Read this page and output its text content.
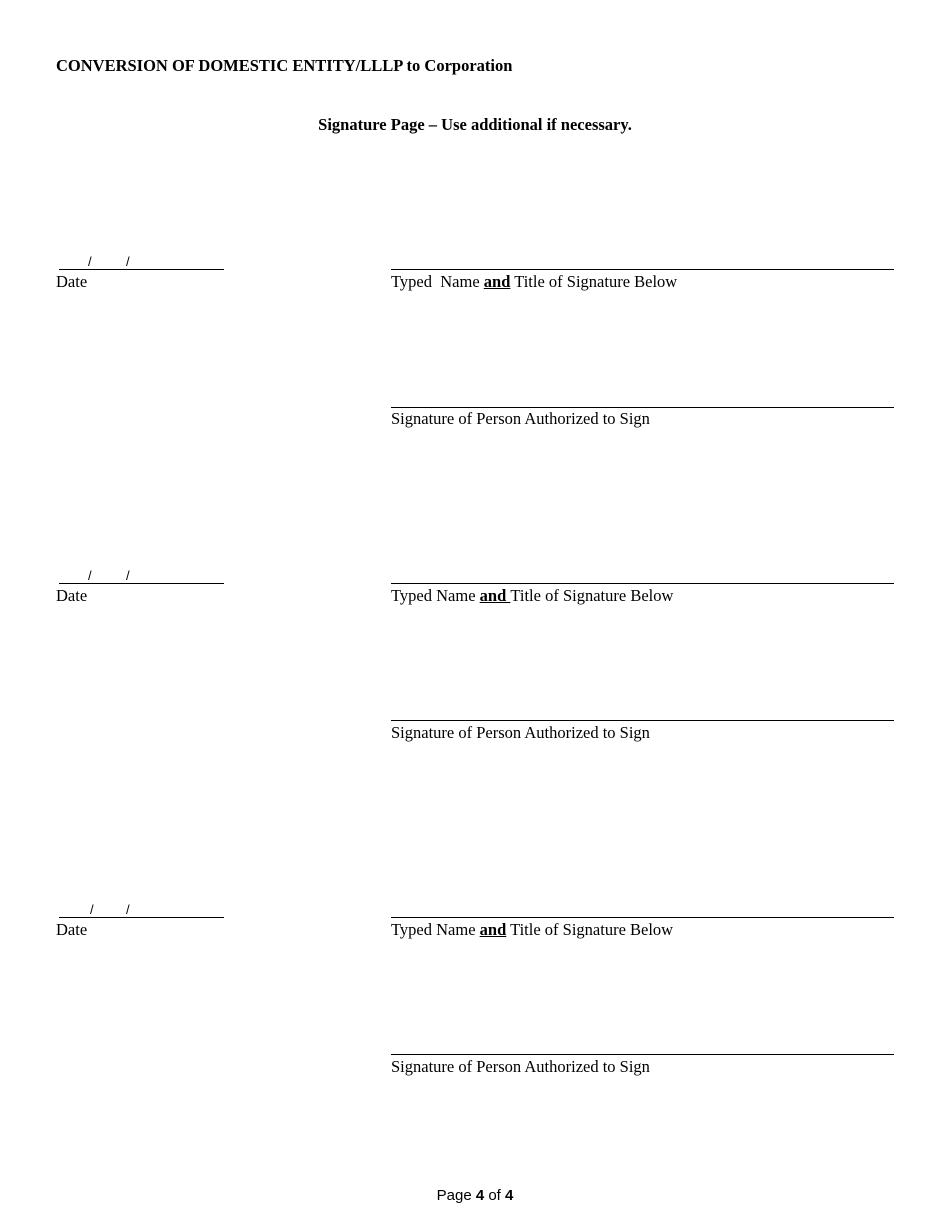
CONVERSION OF DOMESTIC ENTITY/LLLP to Corporation
Signature Page – Use additional if necessary.
/	/
Date	Typed  Name and Title of Signature Below
Signature of Person Authorized to Sign
/	/
Date	Typed Name and Title of Signature Below
Signature of Person Authorized to Sign
/ /
Date	Typed Name and Title of Signature Below
Signature of Person Authorized to Sign
Page 4 of 4
